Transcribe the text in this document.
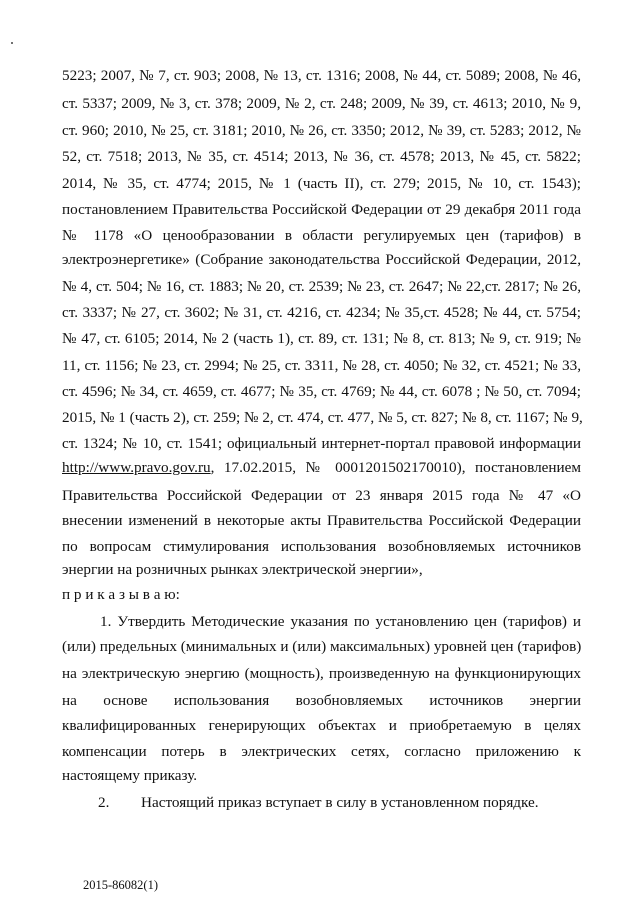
5223; 2007, № 7, ст. 903; 2008, № 13, ст. 1316; 2008, № 44, ст. 5089; 2008, № 46,
ст. 5337; 2009, № 3, ст. 378; 2009, № 2, ст. 248; 2009, № 39, ст. 4613; 2010, № 9,
ст. 960; 2010, № 25, ст. 3181; 2010, № 26, ст. 3350; 2012, № 39, ст. 5283; 2012, №
52, ст. 7518; 2013, № 35, ст. 4514; 2013, № 36, ст. 4578; 2013, № 45, ст. 5822;
2014, № 35, ст. 4774; 2015, № 1 (часть II), ст. 279; 2015, № 10, ст. 1543);
постановлением Правительства Российской Федерации от 29 декабря 2011 года
№ 1178 «О ценообразовании в области регулируемых цен (тарифов) в
электроэнергетике» (Собрание законодательства Российской Федерации, 2012,
№ 4, ст. 504; № 16, ст. 1883; № 20, ст. 2539; № 23, ст. 2647; № 22,ст. 2817; № 26,
ст. 3337; № 27, ст. 3602; № 31, ст. 4216, ст. 4234; № 35,ст. 4528; № 44, ст. 5754;
№ 47, ст. 6105; 2014, № 2 (часть 1), ст. 89, ст. 131; № 8, ст. 813; № 9, ст. 919; №
11, ст. 1156; № 23, ст. 2994; № 25, ст. 3311, № 28, ст. 4050; № 32, ст. 4521; № 33,
ст. 4596; № 34, ст. 4659, ст. 4677; № 35, ст. 4769; № 44, ст. 6078 ; № 50, ст. 7094;
2015, № 1 (часть 2), ст. 259; № 2, ст. 474, ст. 477, № 5, ст. 827; № 8, ст. 1167; № 9,
ст. 1324; № 10, ст. 1541; официальный интернет-портал правовой информации
http://www.pravo.gov.ru, 17.02.2015, № 0001201502170010), постановлением
Правительства Российской Федерации от 23 января 2015 года № 47 «О
внесении изменений в некоторые акты Правительства Российской Федерации
по вопросам стимулирования использования возобновляемых источников
энергии на розничных рынках электрической энергии»,
п р и к а з ы в а ю:
1. Утвердить Методические указания по установлению цен (тарифов) и
(или) предельных (минимальных и (или) максимальных) уровней цен (тарифов)
на электрическую энергию (мощность), произведенную на функционирующих
на основе использования возобновляемых источников энергии
квалифицированных генерирующих объектах и приобретаемую в целях
компенсации потерь в электрических сетях, согласно приложению к
настоящему приказу.
2. Настоящий приказ вступает в силу в установленном порядке.
2015-86082(1)
